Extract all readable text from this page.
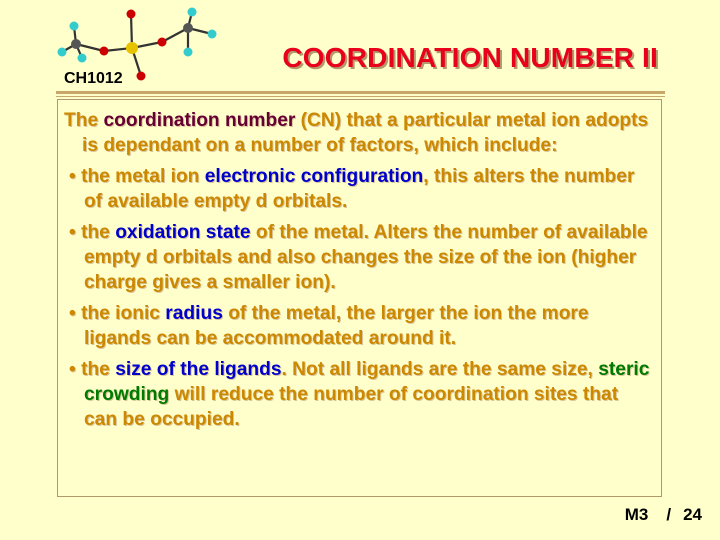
CH1012
COORDINATION NUMBER II

The coordination number (CN) that a particular metal ion adopts is dependant on a number of factors, which include:

• the metal ion electronic configuration, this alters the number of available empty d orbitals.

• the oxidation state of the metal. Alters the number of available empty d orbitals and also changes the size of the ion (higher charge gives a smaller ion).

• the ionic radius of the metal, the larger the ion the more ligands can be accommodated around it.

• the size of the ligands. Not all ligands are the same size, steric crowding will reduce the number of coordination sites that can be occupied.

M3 / 24
